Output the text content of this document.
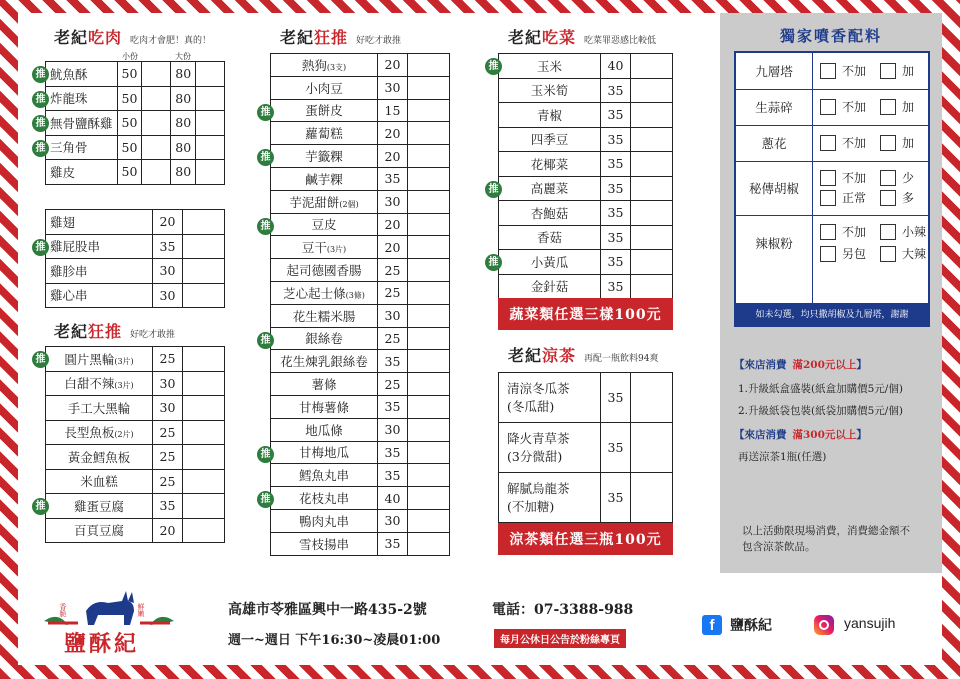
老紀 吃肉 吃肉才會肥！真的！
小份	大份
推 魷魚酥	50		80	

推 炸龍珠	50		80	

推 無骨鹽酥雞	50		80	

推 三角骨	50		80	
雞皮	50		80	
雞翅	20	

推 雞屁股串	35	
雞胗串	30	
雞心串	30	
老紀 狂推 好吃才敢推
推 圓片黑輪(3片)	25	
白甜不辣(3片)	30	
手工大黑輪	30	
長型魚板(2片)	25	
黃金鱈魚板	25	
米血糕	25	

推 雞蛋豆腐	35	
百頁豆腐	20	
老紀 狂推 好吃才敢推
熱狗(3支)	20	
小肉豆	30	

推 蛋餅皮	15	
蘿蔔糕	20	

推 芋籤粿	20	
鹹芋粿	35	
芋泥甜餅(2個)	30	

推 豆皮	20	
豆干(3片)	20	
起司德國香腸	25	
芝心起士條(3條)	25	
花生糯米腸	30	

推 銀絲卷	25	
花生煉乳銀絲卷	35	
薯條	25	
甘梅薯條	35	
地瓜條	30	

推 甘梅地瓜	35	
鱈魚丸串	35	

推 花枝丸串	40	
鴨肉丸串	30	
雪枝揚串	35	
老紀 吃菜 吃菜罪惡感比較低
推 玉米	40	
玉米筍	35	
青椒	35	
四季豆	35	
花椰菜	35	

推 高麗菜	35	
杏鮑菇	35	
香菇	35	

推 小黃瓜	35	
金針菇	35	
蔬菜類任選三樣100元
老紀 涼茶 再配一瓶飲料94爽
清涼冬瓜茶
(冬瓜甜)	35	

降火青草茶
(3分微甜)	35	

解膩烏龍茶
(不加糖)	35	
涼茶類任選三瓶100元
獨家噴香配料
九層塔	不加	加
生蒜碎	不加	加
蔥花	不加	加
秘傳胡椒
不加	少
正常	多
辣椒粉
不加	小辣
另包	大辣
如未勾選，均只撒胡椒及九層塔，謝謝
【來店消費 滿200元以上】
1.升級紙盒盛裝(紙盒加購價5元/個)
2.升級紙袋包裝(紙袋加購價5元/個)
【來店消費 滿300元以上】
再送涼茶1瓶(任選)
以上活動限現場消費，消費總金額不
包含涼茶飲品。
香脆	鮮嫩
鹽酥紀
高雄市苓雅區興中一路435-2號	電話：07-3388-988
週一~週日 下午16:30~凌晨01:00	每月公休日公告於粉絲專頁
f	鹽酥紀	yansujih
